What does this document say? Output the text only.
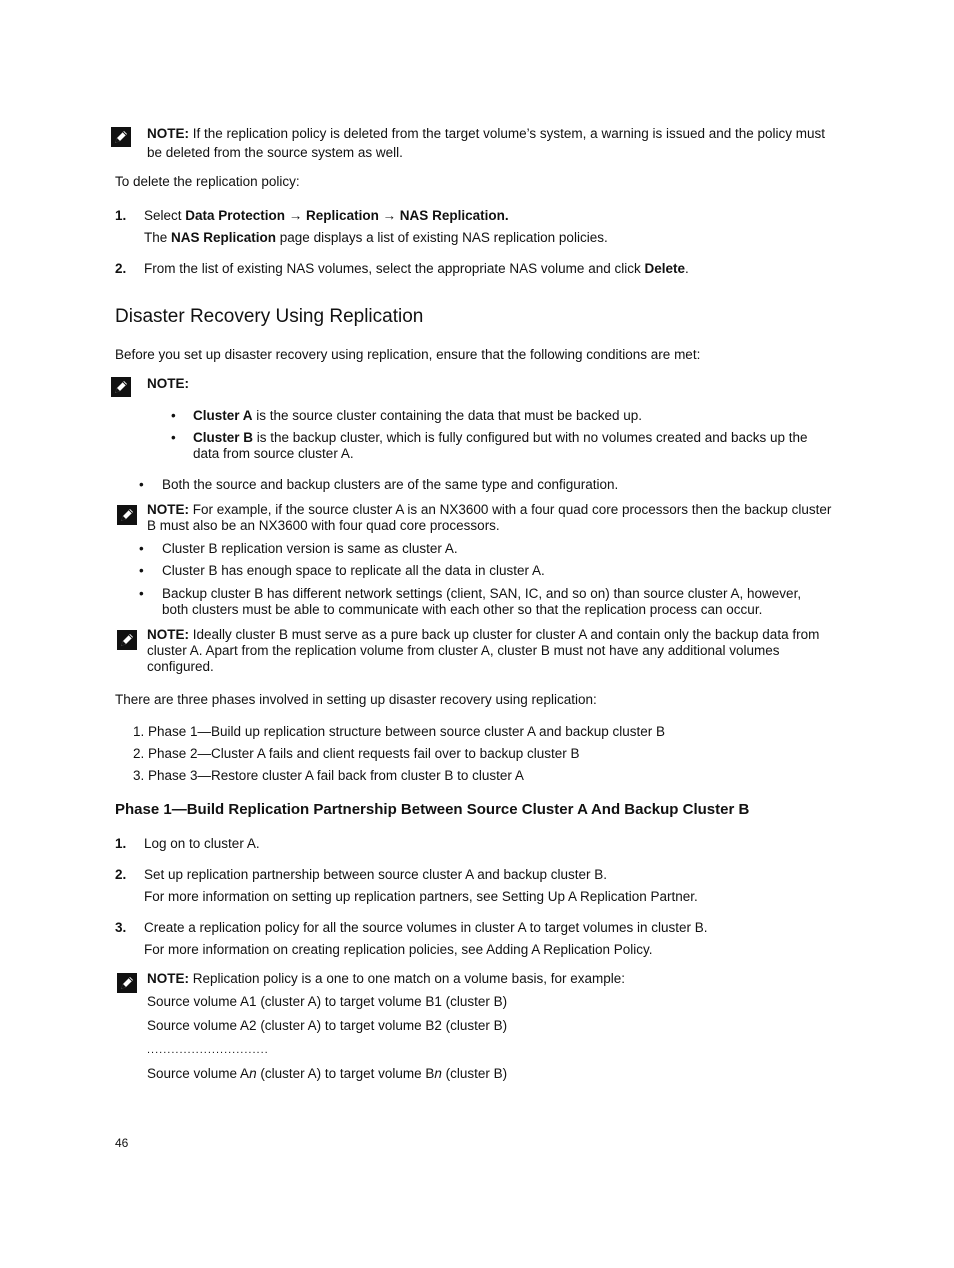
NOTE: If the replication policy is deleted from the target volume’s system, a warning is issued and the policy must
be deleted from the source system as well.
To delete the replication policy:
1. Select Data Protection → Replication → NAS Replication.
The NAS Replication page displays a list of existing NAS replication policies.
2. From the list of existing NAS volumes, select the appropriate NAS volume and click Delete.
Disaster Recovery Using Replication
Before you set up disaster recovery using replication, ensure that the following conditions are met:
NOTE:
• Cluster A is the source cluster containing the data that must be backed up.
• Cluster B is the backup cluster, which is fully configured but with no volumes created and backs up the
data from source cluster A.
• Both the source and backup clusters are of the same type and configuration.
NOTE: For example, if the source cluster A is an NX3600 with a four quad core processors then the backup cluster
B must also be an NX3600 with four quad core processors.
• Cluster B replication version is same as cluster A.
• Cluster B has enough space to replicate all the data in cluster A.
• Backup cluster B has different network settings (client, SAN, IC, and so on) than source cluster A, however,
both clusters must be able to communicate with each other so that the replication process can occur.
NOTE: Ideally cluster B must serve as a pure back up cluster for cluster A and contain only the backup data from
cluster A. Apart from the replication volume from cluster A, cluster B must not have any additional volumes
configured.
There are three phases involved in setting up disaster recovery using replication:
1. Phase 1—Build up replication structure between source cluster A and backup cluster B
2. Phase 2—Cluster A fails and client requests fail over to backup cluster B
3. Phase 3—Restore cluster A fail back from cluster B to cluster A
Phase 1—Build Replication Partnership Between Source Cluster A And Backup Cluster B
1. Log on to cluster A.
2. Set up replication partnership between source cluster A and backup cluster B.
For more information on setting up replication partners, see Setting Up A Replication Partner.
3. Create a replication policy for all the source volumes in cluster A to target volumes in cluster B.
For more information on creating replication policies, see Adding A Replication Policy.
NOTE: Replication policy is a one to one match on a volume basis, for example:
Source volume A1 (cluster A) to target volume B1 (cluster B)
Source volume A2 (cluster A) to target volume B2 (cluster B)
..............................
Source volume An (cluster A) to target volume Bn (cluster B)
46
